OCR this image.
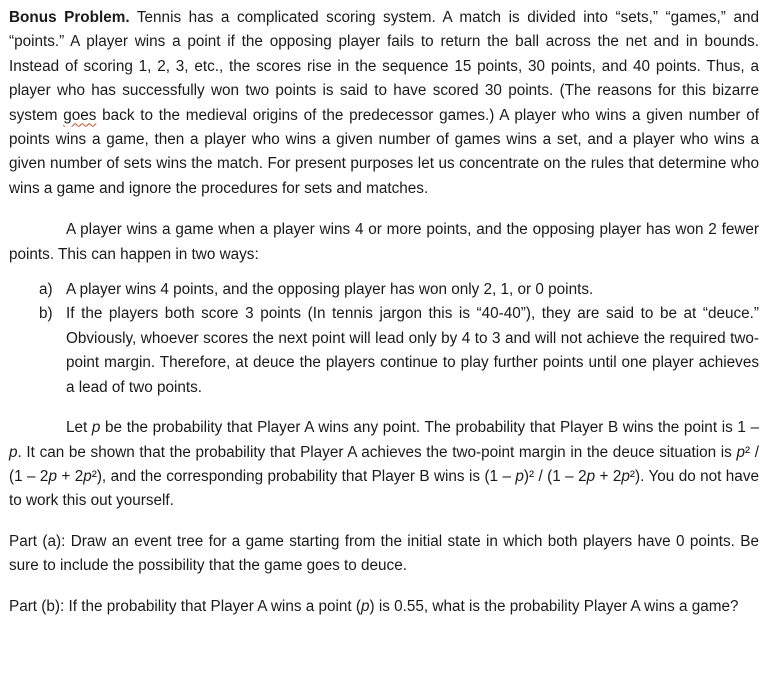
Bonus Problem. Tennis has a complicated scoring system. A match is divided into “sets,” “games,” and “points.” A player wins a point if the opposing player fails to return the ball across the net and in bounds. Instead of scoring 1, 2, 3, etc., the scores rise in the sequence 15 points, 30 points, and 40 points. Thus, a player who has successfully won two points is said to have scored 30 points. (The reasons for this bizarre system goes back to the medieval origins of the predecessor games.) A player who wins a given number of points wins a game, then a player who wins a given number of games wins a set, and a player who wins a given number of sets wins the match. For present purposes let us concentrate on the rules that determine who wins a game and ignore the procedures for sets and matches.

A player wins a game when a player wins 4 or more points, and the opposing player has won 2 fewer points. This can happen in two ways:

a) A player wins 4 points, and the opposing player has won only 2, 1, or 0 points.
b) If the players both score 3 points (In tennis jargon this is “40-40”), they are said to be at “deuce.” Obviously, whoever scores the next point will lead only by 4 to 3 and will not achieve the required two-point margin. Therefore, at deuce the players continue to play further points until one player achieves a lead of two points.

Let p be the probability that Player A wins any point. The probability that Player B wins the point is 1 – p. It can be shown that the probability that Player A achieves the two-point margin in the deuce situation is p² / (1 – 2p + 2p²), and the corresponding probability that Player B wins is (1 – p)² / (1 – 2p + 2p²). You do not have to work this out yourself.

Part (a): Draw an event tree for a game starting from the initial state in which both players have 0 points. Be sure to include the possibility that the game goes to deuce.

Part (b): If the probability that Player A wins a point (p) is 0.55, what is the probability Player A wins a game?
